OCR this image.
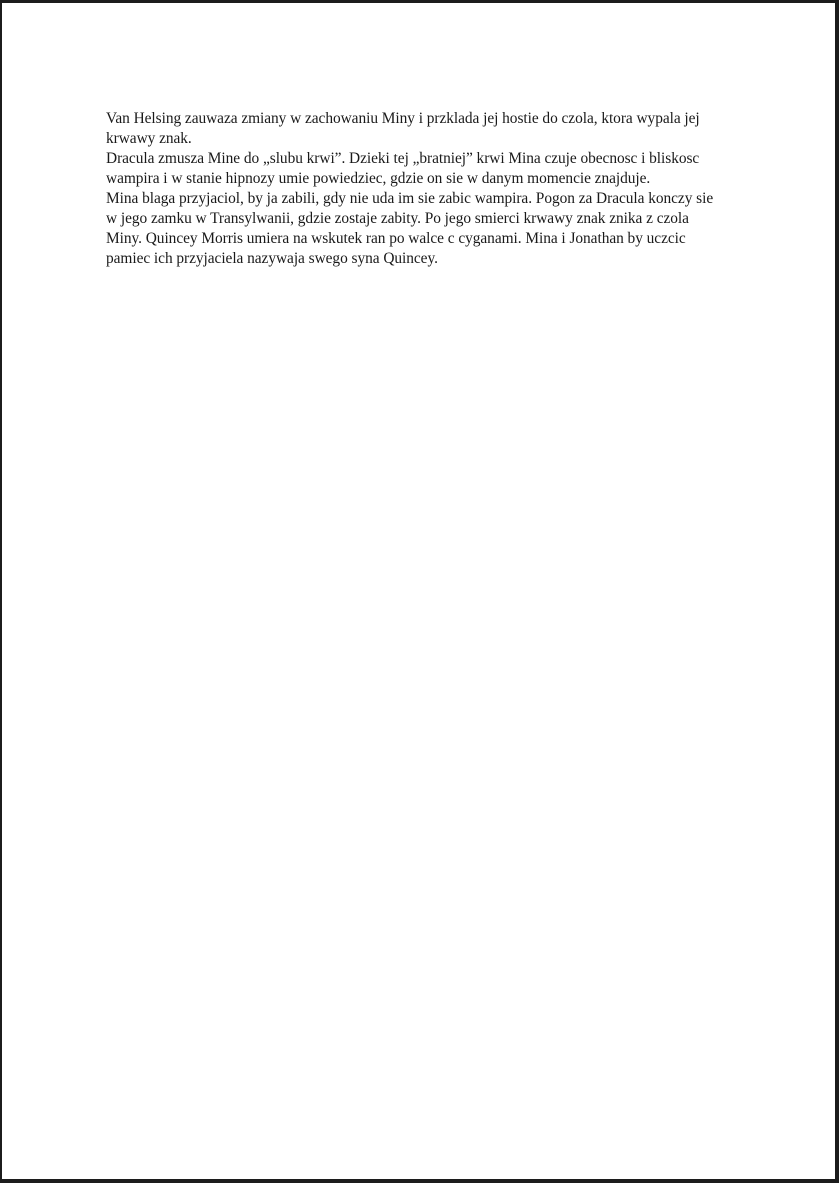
Van Helsing zauwaza zmiany w zachowaniu Miny i przklada jej hostie do czola, ktora wypala jej
krwawy znak.
Dracula zmusza Mine do „slubu krwi”. Dzieki tej „bratniej” krwi Mina czuje obecnosc i bliskosc
wampira i w stanie hipnozy umie powiedziec, gdzie on sie w danym momencie znajduje.
Mina blaga przyjaciol, by ja zabili, gdy nie uda im sie zabic wampira. Pogon za Dracula konczy sie
w jego zamku w Transylwanii, gdzie zostaje zabity. Po jego smierci krwawy znak znika z czola
Miny. Quincey Morris umiera na wskutek ran po walce c cyganami. Mina i Jonathan by uczcic
pamiec ich przyjaciela nazywaja swego syna Quincey.
